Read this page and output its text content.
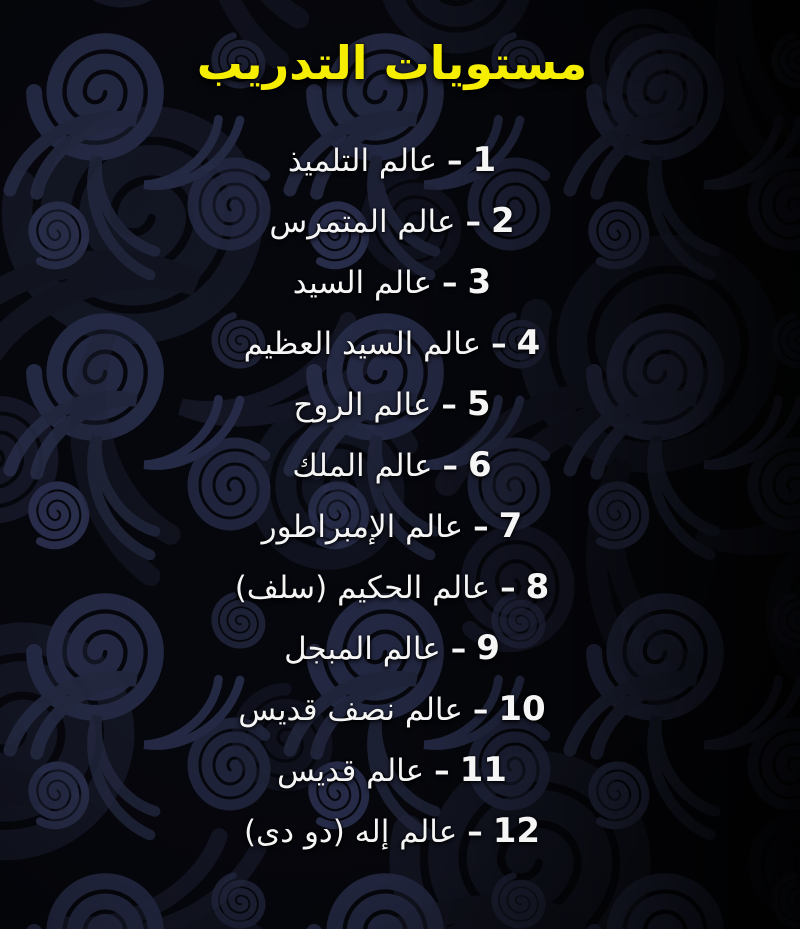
مستويات التدريب
1–عالم التلميذ
2–عالم المتمرس
3–عالم السيد
4–عالم السيد العظيم
5–عالم الروح
6–عالم الملك
7–عالم الإمبراطور
8–عالم الحكيم (سلف)
9–عالم المبجل
10–عالم نصف قديس
11–عالم قديس
12–عالم إله (دو دى)
